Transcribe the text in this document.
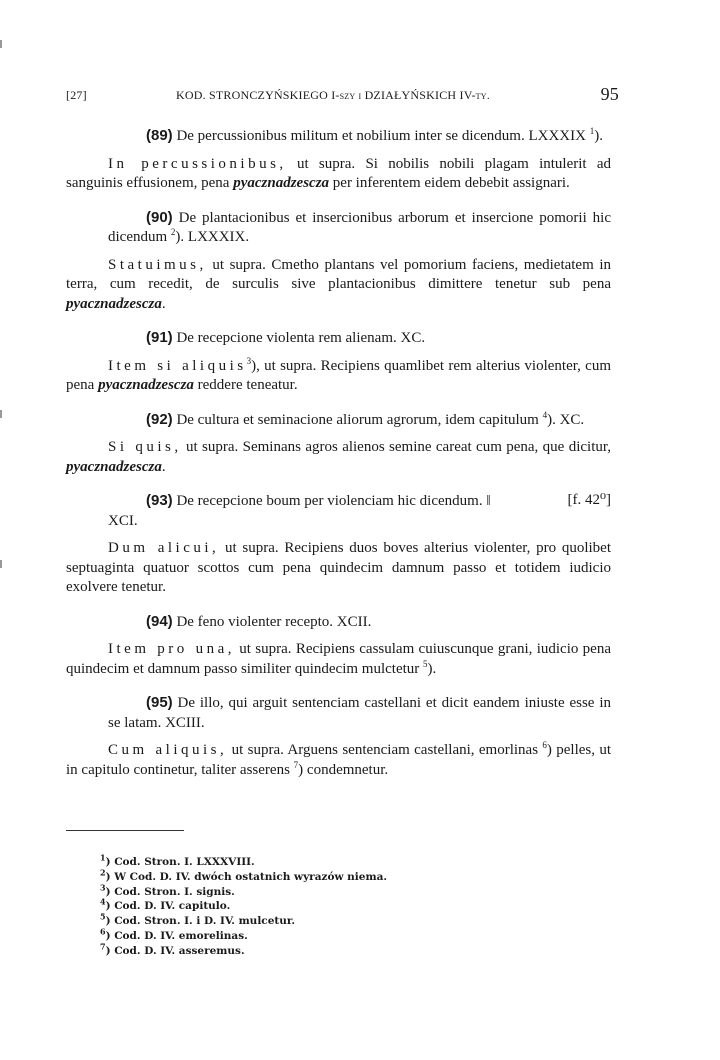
[27]	KOD. STRONCZYŃSKIEGO I-szy i DZIAŁYŃSKICH IV-ty.	95

(89) De percussionibus militum et nobilium inter se dicendum. LXXXIX $^1$).

In percussionibus, ut supra. Si nobilis nobili plagam intulerit ad sanguinis effusionem, pena pyacznadzescza per inferentem eidem debebit assignari.

(90) De plantacionibus et insercionibus arborum et insercione pomorii hic dicendum $^2$). LXXXIX.

Statuimus, ut supra. Cmetho plantans vel pomorium faciens, medietatem in terra, cum recedit, de surculis sive plantacionibus dimittere tenetur sub pena pyacznadzescza.

(91) De recepcione violenta rem alienam. XC.

Item si aliquis$^3$), ut supra. Recipiens quamlibet rem alterius violenter, cum pena pyacznadzescza reddere teneatur.

(92) De cultura et seminacione aliorum agrorum, idem capitulum $^4$). XC.

Si quis, ut supra. Seminans agros alienos semine careat cum pena, que dicitur, pyacznadzescza.

(93) De recepcione boum per violenciam hic dicendum. ǁ	[f. 42⁰]

XCI.

Dum alicui, ut supra. Recipiens duos boves alterius violenter, pro quolibet septuaginta quatuor scottos cum pena quindecim damnum passo et totidem iudicio exolvere tenetur.

(94) De feno violenter recepto. XCII.

Item pro una, ut supra. Recipiens cassulam cuiuscunque grani, iudicio pena quindecim et damnum passo similiter quindecim mulctetur $^5$).

(95) De illo, qui arguit sentenciam castellani et dicit eandem iniuste esse in se latam. XCIII.

Cum aliquis, ut supra. Arguens sentenciam castellani, emorlinas $^6$) pelles, ut in capitulo continetur, taliter asserens $^7$) condemnetur.

$^1$) Cod. Stron. I. LXXXVIII.
$^2$) W Cod. D. IV. dwóch ostatnich wyrazów niema.
$^3$) Cod. Stron. I. signis.
$^4$) Cod. D. IV. capitulo.
$^5$) Cod. Stron. I. i D. IV. mulcetur.
$^6$) Cod. D. IV. emorelinas.
$^7$) Cod. D. IV. asseremus.
